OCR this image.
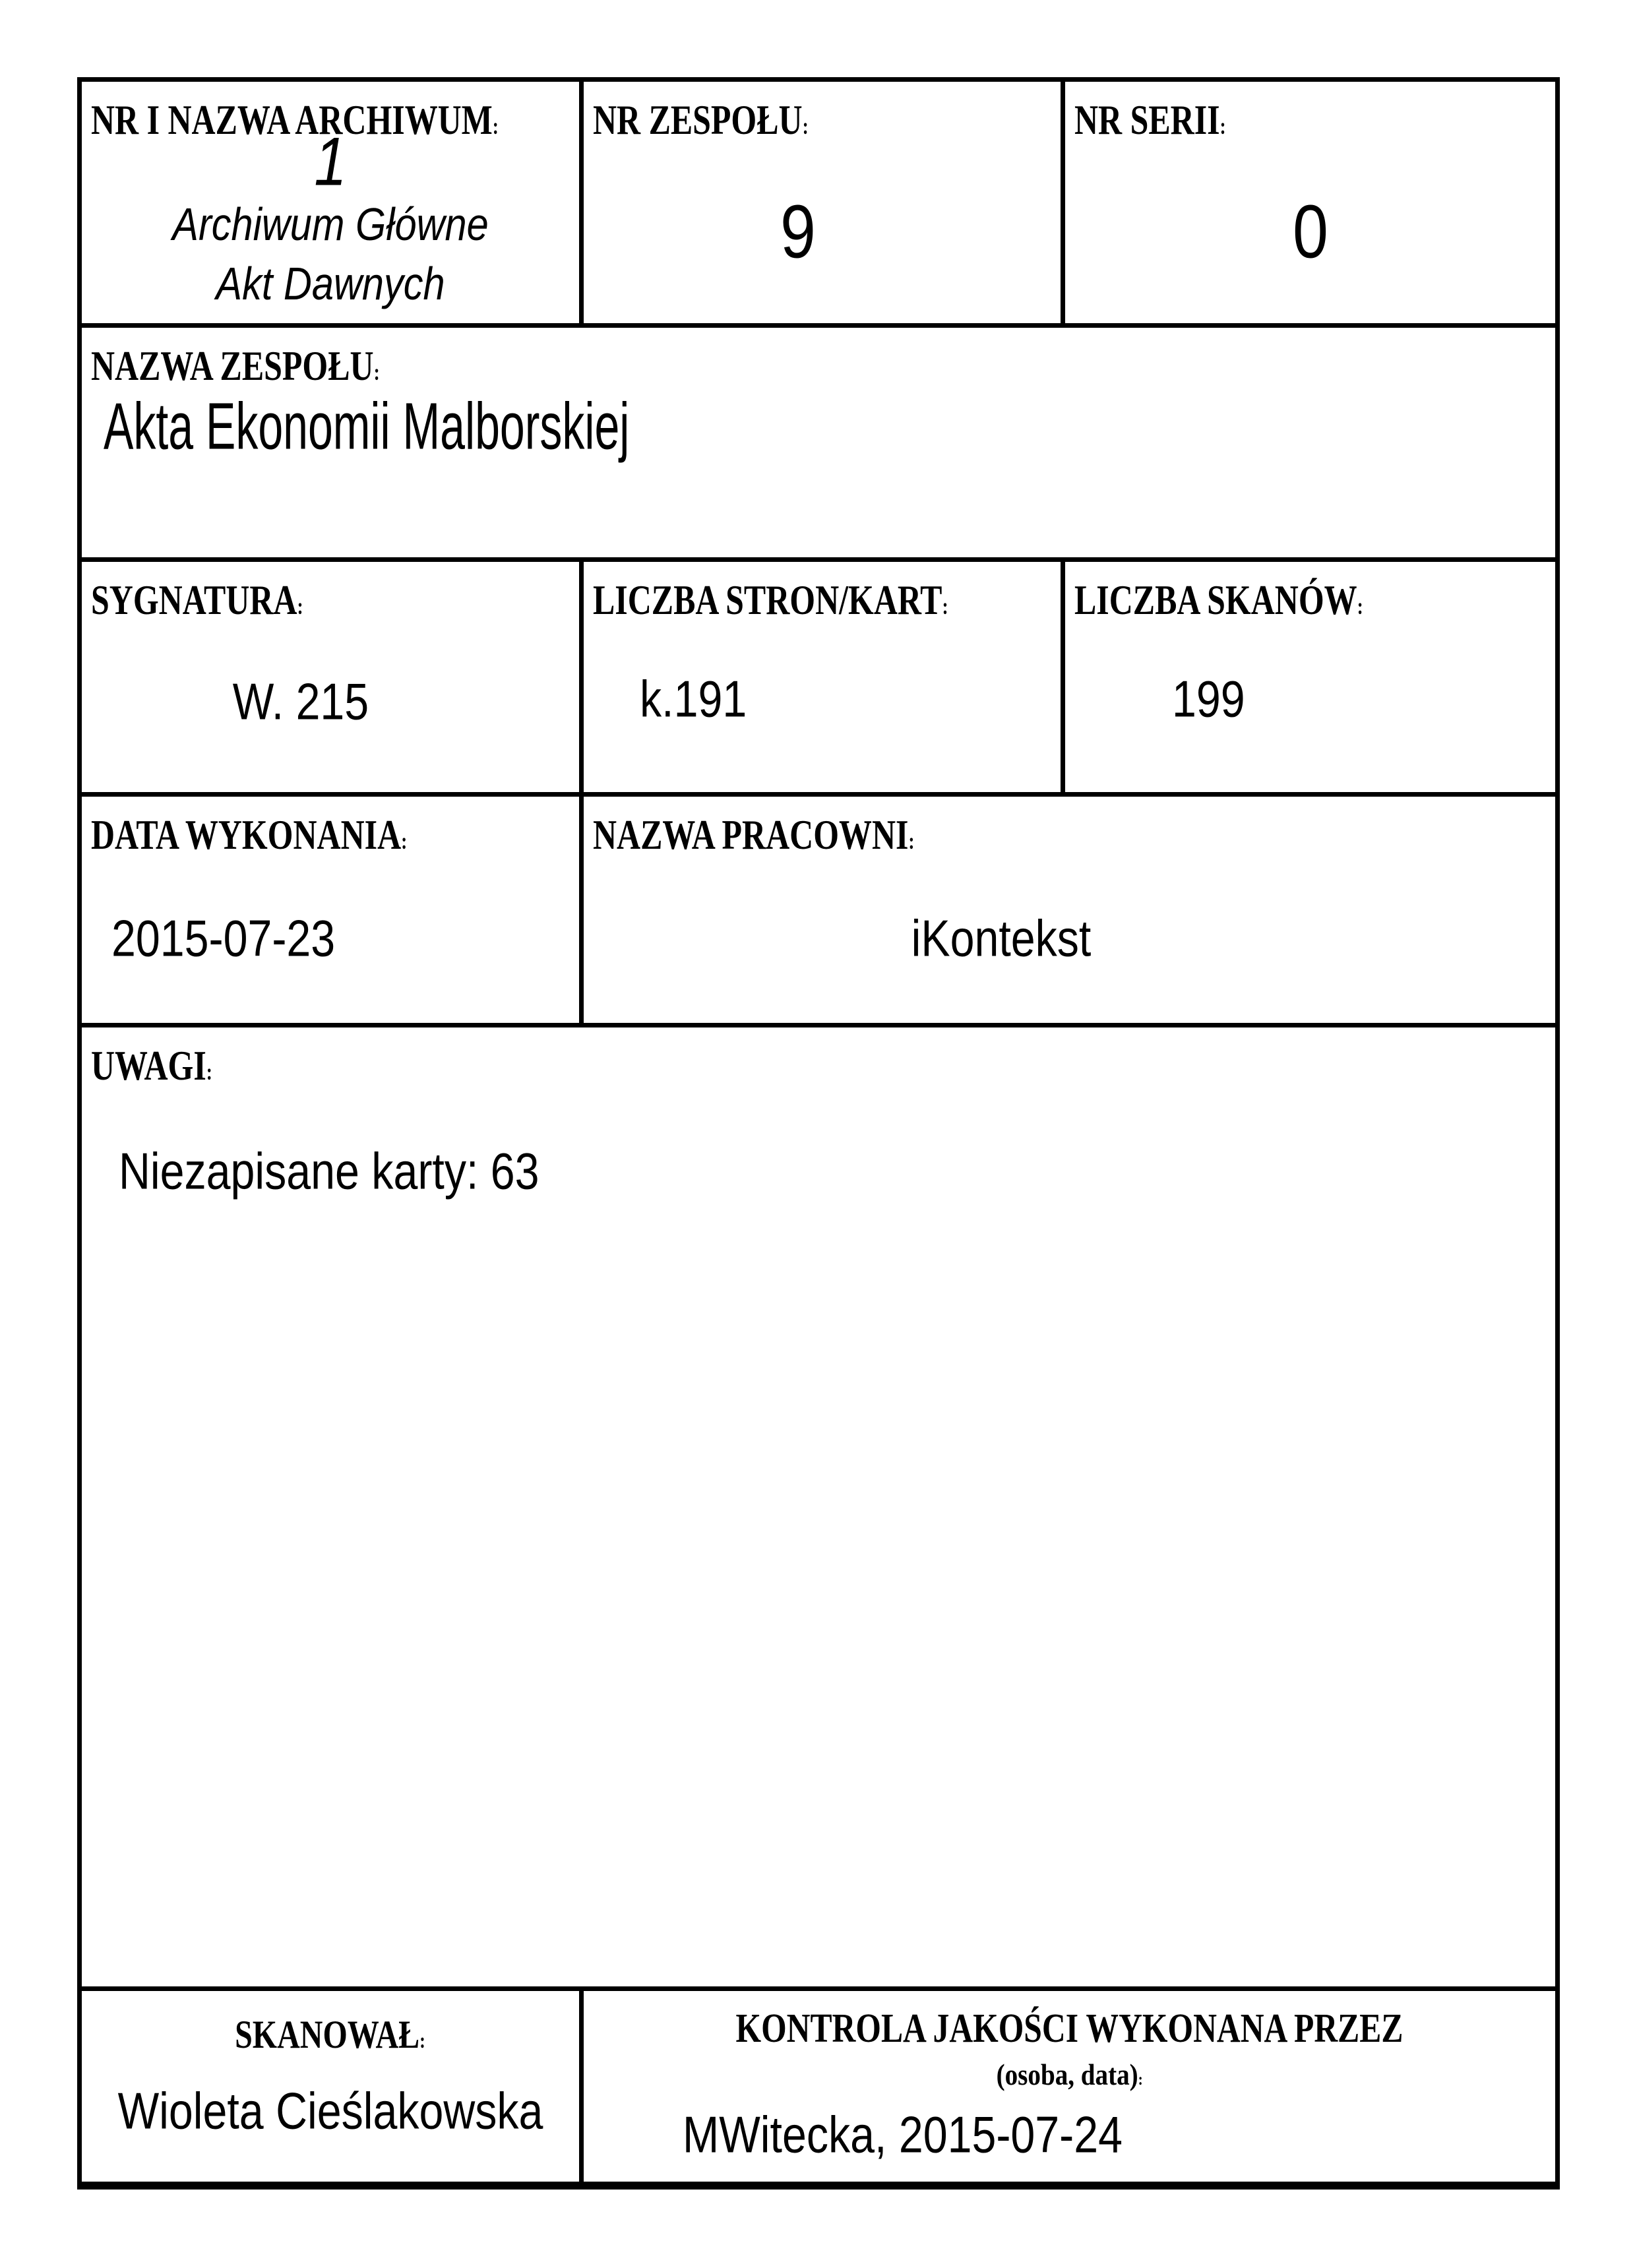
NR I NAZWA ARCHIWUM:
1
Archiwum Główne
Akt Dawnych
NR ZESPOŁU:
9
NR SERII:
0
NAZWA ZESPOŁU:
Akta Ekonomii Malborskiej
SYGNATURA:
W. 215
LICZBA STRON/KART:
k.191
LICZBA SKANÓW:
199
DATA WYKONANIA:
2015-07-23
NAZWA PRACOWNI:
iKontekst
UWAGI:
Niezapisane karty: 63
SKANOWAŁ:
Wioleta Cieślakowska
KONTROLA JAKOŚCI WYKONANA PRZEZ
(osoba, data):
MWitecka, 2015-07-24
